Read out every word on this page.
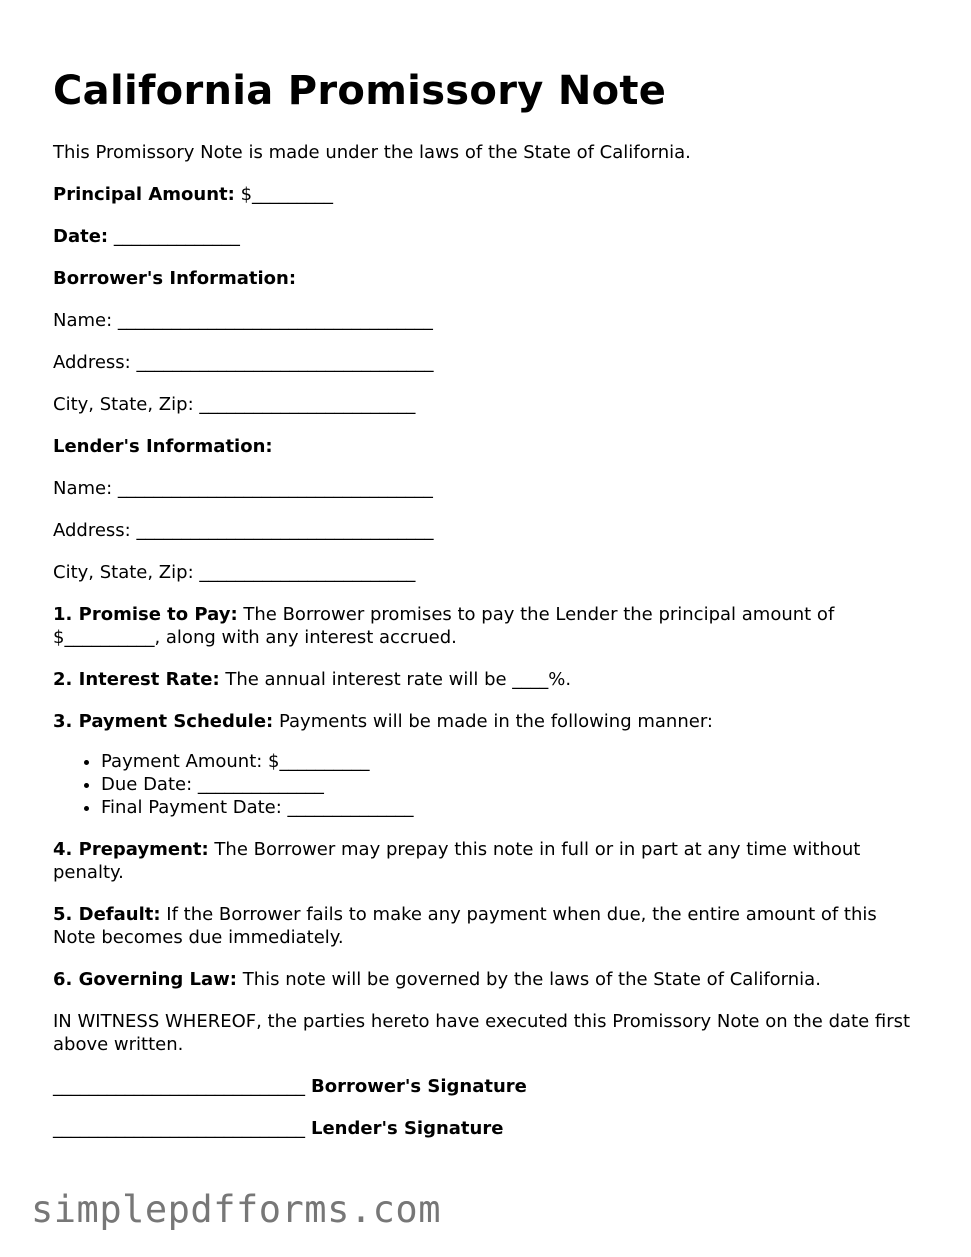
California Promissory Note

This Promissory Note is made under the laws of the State of California.

Principal Amount: $_________

Date: ______________

Borrower's Information:

Name: ___________________________________

Address: _________________________________

City, State, Zip: ________________________

Lender's Information:

Name: ___________________________________

Address: _________________________________

City, State, Zip: ________________________

1. Promise to Pay: The Borrower promises to pay the Lender the principal amount of $__________, along with any interest accrued.

2. Interest Rate: The annual interest rate will be ____%.

3. Payment Schedule: Payments will be made in the following manner:

• Payment Amount: $__________
• Due Date: ______________
• Final Payment Date: ______________

4. Prepayment: The Borrower may prepay this note in full or in part at any time without penalty.

5. Default: If the Borrower fails to make any payment when due, the entire amount of this Note becomes due immediately.

6. Governing Law: This note will be governed by the laws of the State of California.

IN WITNESS WHEREOF, the parties hereto have executed this Promissory Note on the date first above written.

____________________________ Borrower's Signature

____________________________ Lender's Signature

simplepdfforms.com
